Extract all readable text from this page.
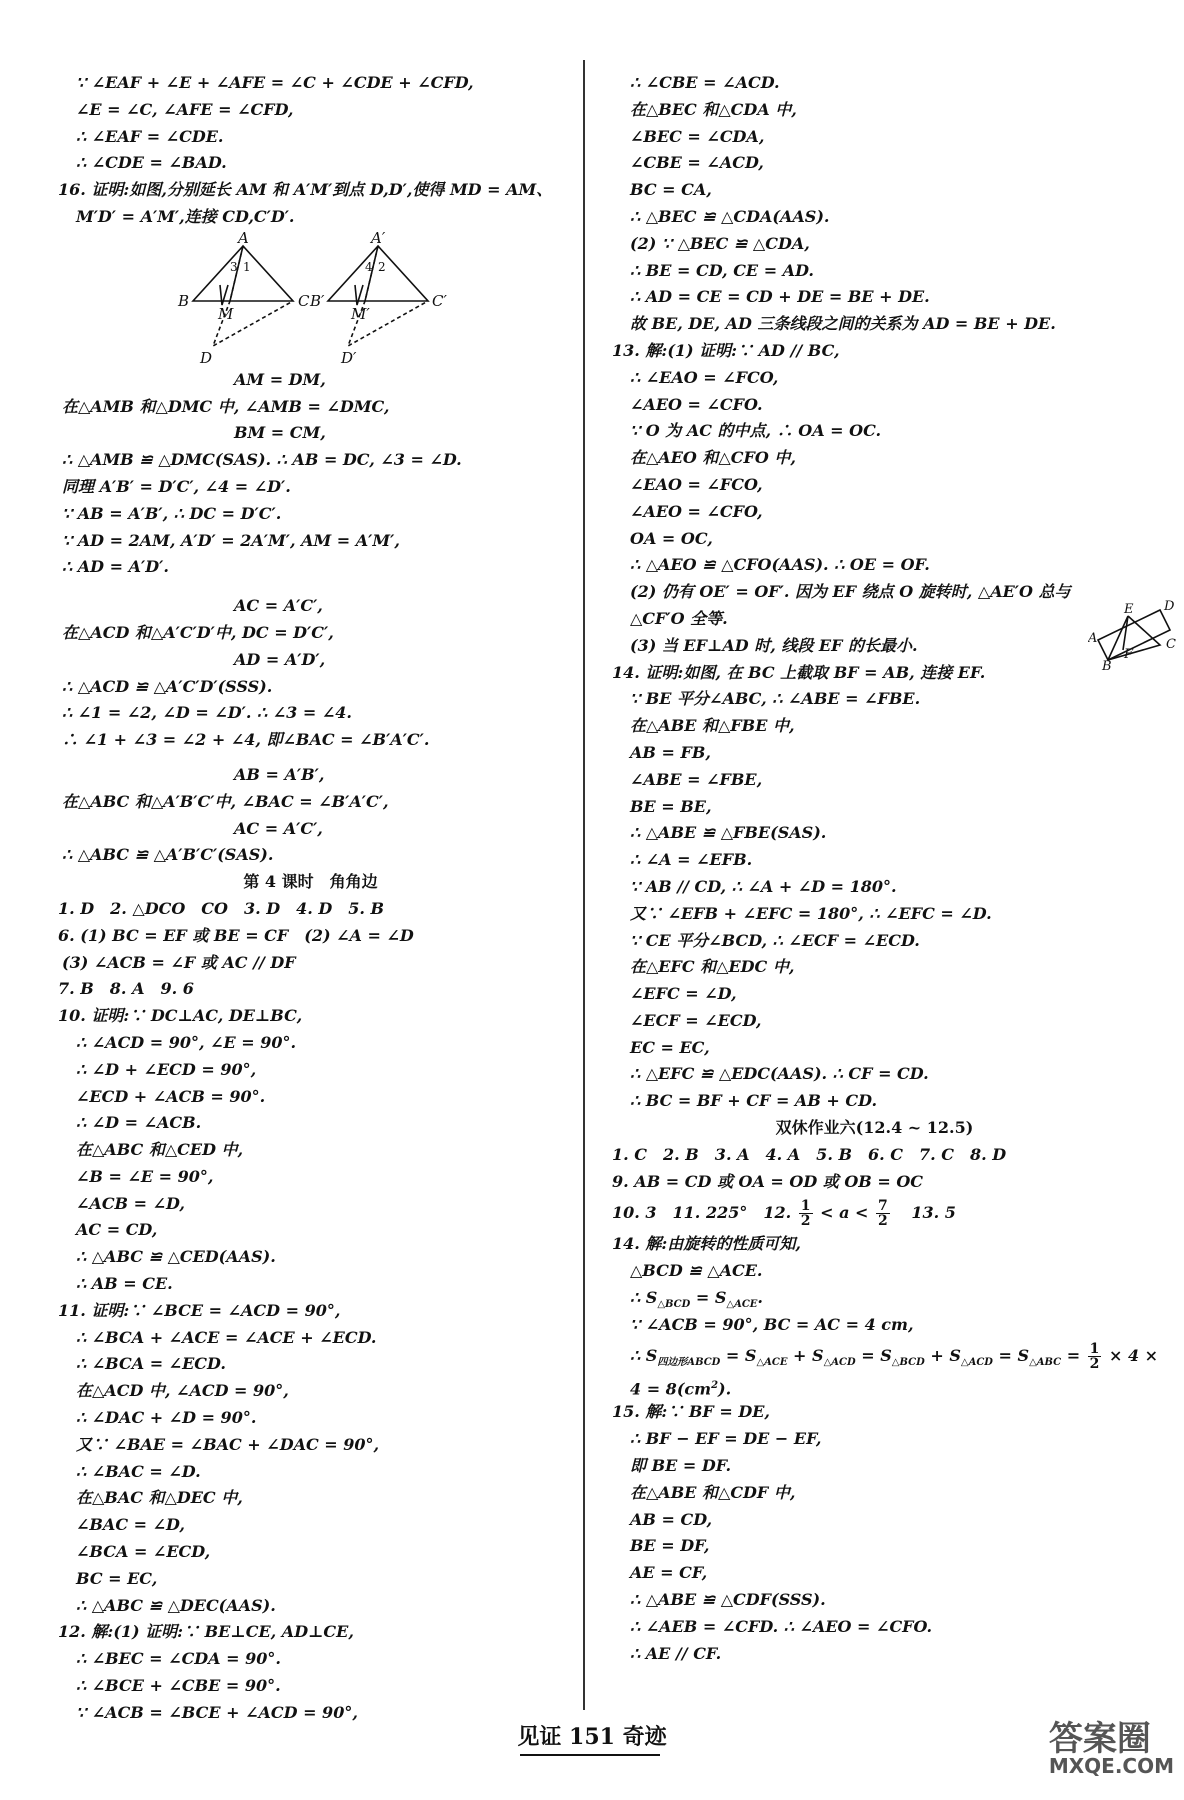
∵ ∠EAF + ∠E + ∠AFE = ∠C + ∠CDE + ∠CFD,
∠E = ∠C, ∠AFE = ∠CFD,
∴ ∠EAF = ∠CDE.
∴ ∠CDE = ∠BAD.
16. 证明:如图,分别延长 AM 和 A′M′到点 D,D′,使得 MD = AM、
M′D′ = A′M′,连接 CD,C′D′.
A
B	C
M
D
3 1
A′
B′	C′
M′
D′
4 2
AM = DM,
在△AMB 和△DMC 中, ∠AMB = ∠DMC,
BM = CM,
∴ △AMB ≌ △DMC(SAS). ∴ AB = DC, ∠3 = ∠D.
同理 A′B′ = D′C′, ∠4 = ∠D′.
∵ AB = A′B′, ∴ DC = D′C′.
∵ AD = 2AM, A′D′ = 2A′M′, AM = A′M′,
∴ AD = A′D′.
AC = A′C′,
在△ACD 和△A′C′D′中, DC = D′C′,
AD = A′D′,
∴ △ACD ≌ △A′C′D′(SSS).
∴ ∠1 = ∠2, ∠D = ∠D′. ∴ ∠3 = ∠4.
∴ ∠1 + ∠3 = ∠2 + ∠4, 即∠BAC = ∠B′A′C′.
AB = A′B′,
在△ABC 和△A′B′C′中, ∠BAC = ∠B′A′C′,
AC = A′C′,
∴ △ABC ≌ △A′B′C′(SAS).
第 4 课时　角角边
1. D　2. △DCO　CO　3. D　4. D　5. B
6. (1) BC = EF 或 BE = CF　(2) ∠A = ∠D
(3) ∠ACB = ∠F 或 AC // DF
7. B　8. A　9. 6
10. 证明:∵ DC⊥AC, DE⊥BC,
∴ ∠ACD = 90°, ∠E = 90°.
∴ ∠D + ∠ECD = 90°,
∠ECD + ∠ACB = 90°.
∴ ∠D = ∠ACB.
在△ABC 和△CED 中,
∠B = ∠E = 90°,
∠ACB = ∠D,
AC = CD,
∴ △ABC ≌ △CED(AAS).
∴ AB = CE.
11. 证明:∵ ∠BCE = ∠ACD = 90°,
∴ ∠BCA + ∠ACE = ∠ACE + ∠ECD.
∴ ∠BCA = ∠ECD.
在△ACD 中, ∠ACD = 90°,
∴ ∠DAC + ∠D = 90°.
又∵ ∠BAE = ∠BAC + ∠DAC = 90°,
∴ ∠BAC = ∠D.
在△BAC 和△DEC 中,
∠BAC = ∠D,
∠BCA = ∠ECD,
BC = EC,
∴ △ABC ≌ △DEC(AAS).
12. 解:(1) 证明:∵ BE⊥CE, AD⊥CE,
∴ ∠BEC = ∠CDA = 90°.
∴ ∠BCE + ∠CBE = 90°.
∵ ∠ACB = ∠BCE + ∠ACD = 90°,
∴ ∠CBE = ∠ACD.
在△BEC 和△CDA 中,
∠BEC = ∠CDA,
∠CBE = ∠ACD,
BC = CA,
∴ △BEC ≌ △CDA(AAS).
(2) ∵ △BEC ≌ △CDA,
∴ BE = CD, CE = AD.
∴ AD = CE = CD + DE = BE + DE.
故 BE, DE, AD 三条线段之间的关系为 AD = BE + DE.
13. 解:(1) 证明:∵ AD // BC,
∴ ∠EAO = ∠FCO,
∠AEO = ∠CFO.
∵ O 为 AC 的中点, ∴ OA = OC.
在△AEO 和△CFO 中,
∠EAO = ∠FCO,
∠AEO = ∠CFO,
OA = OC,
∴ △AEO ≌ △CFO(AAS). ∴ OE = OF.
(2) 仍有 OE′ = OF′. 因为 EF 绕点 O 旋转时, △AE′O 总与
△CF′O 全等.
(3) 当 EF⊥AD 时, 线段 EF 的长最小.
14. 证明:如图, 在 BC 上截取 BF = AB, 连接 EF.
∵ BE 平分∠ABC, ∴ ∠ABE = ∠FBE.
在△ABE 和△FBE 中,
AB = FB,
∠ABE = ∠FBE,
BE = BE,
∴ △ABE ≌ △FBE(SAS).
∴ ∠A = ∠EFB.
∵ AB // CD, ∴ ∠A + ∠D = 180°.
又∵ ∠EFB + ∠EFC = 180°, ∴ ∠EFC = ∠D.
∵ CE 平分∠BCD, ∴ ∠ECF = ∠ECD.
在△EFC 和△EDC 中,
∠EFC = ∠D,
∠ECF = ∠ECD,
EC = EC,
∴ △EFC ≌ △EDC(AAS). ∴ CF = CD.
∴ BC = BF + CF = AB + CD.
双休作业六(12.4 ~ 12.5)
1. C　2. B　3. A　4. A　5. B　6. C　7. C　8. D
9. AB = CD 或 OA = OD 或 OB = OC
10. 3　11. 225°　12. $\frac{1}{2} < a < \frac{7}{2} 13$. 5
14. 解:由旋转的性质可知,
△BCD ≌ △ACE.
∴ $S_{\triangle BCD} = S_{\triangle ACE}$.
∵ ∠ACB = 90°, BC = AC = 4 cm,
∴ $S_{四边形ABCD} = S_{\triangle ACE} + S_{\triangle ACD} = S_{\triangle BCD} + S_{\triangle ACD} = S_{\triangle ABC} = \frac{1}{2} \times 4$ ×
$4 = 8(cm^2)$.
15. 解:∵ BF = DE,
∴ BF − EF = DE − EF,
即 BE = DF.
在△ABE 和△CDF 中,
AB = CD,
BE = DF,
AE = CF,
∴ △ABE ≌ △CDF(SSS).
∴ ∠AEB = ∠CFD. ∴ ∠AEO = ∠CFO.
∴ AE // CF.
A
B
C
D
E
F
见证 151 奇迹	答案圈
MXQE.COM
